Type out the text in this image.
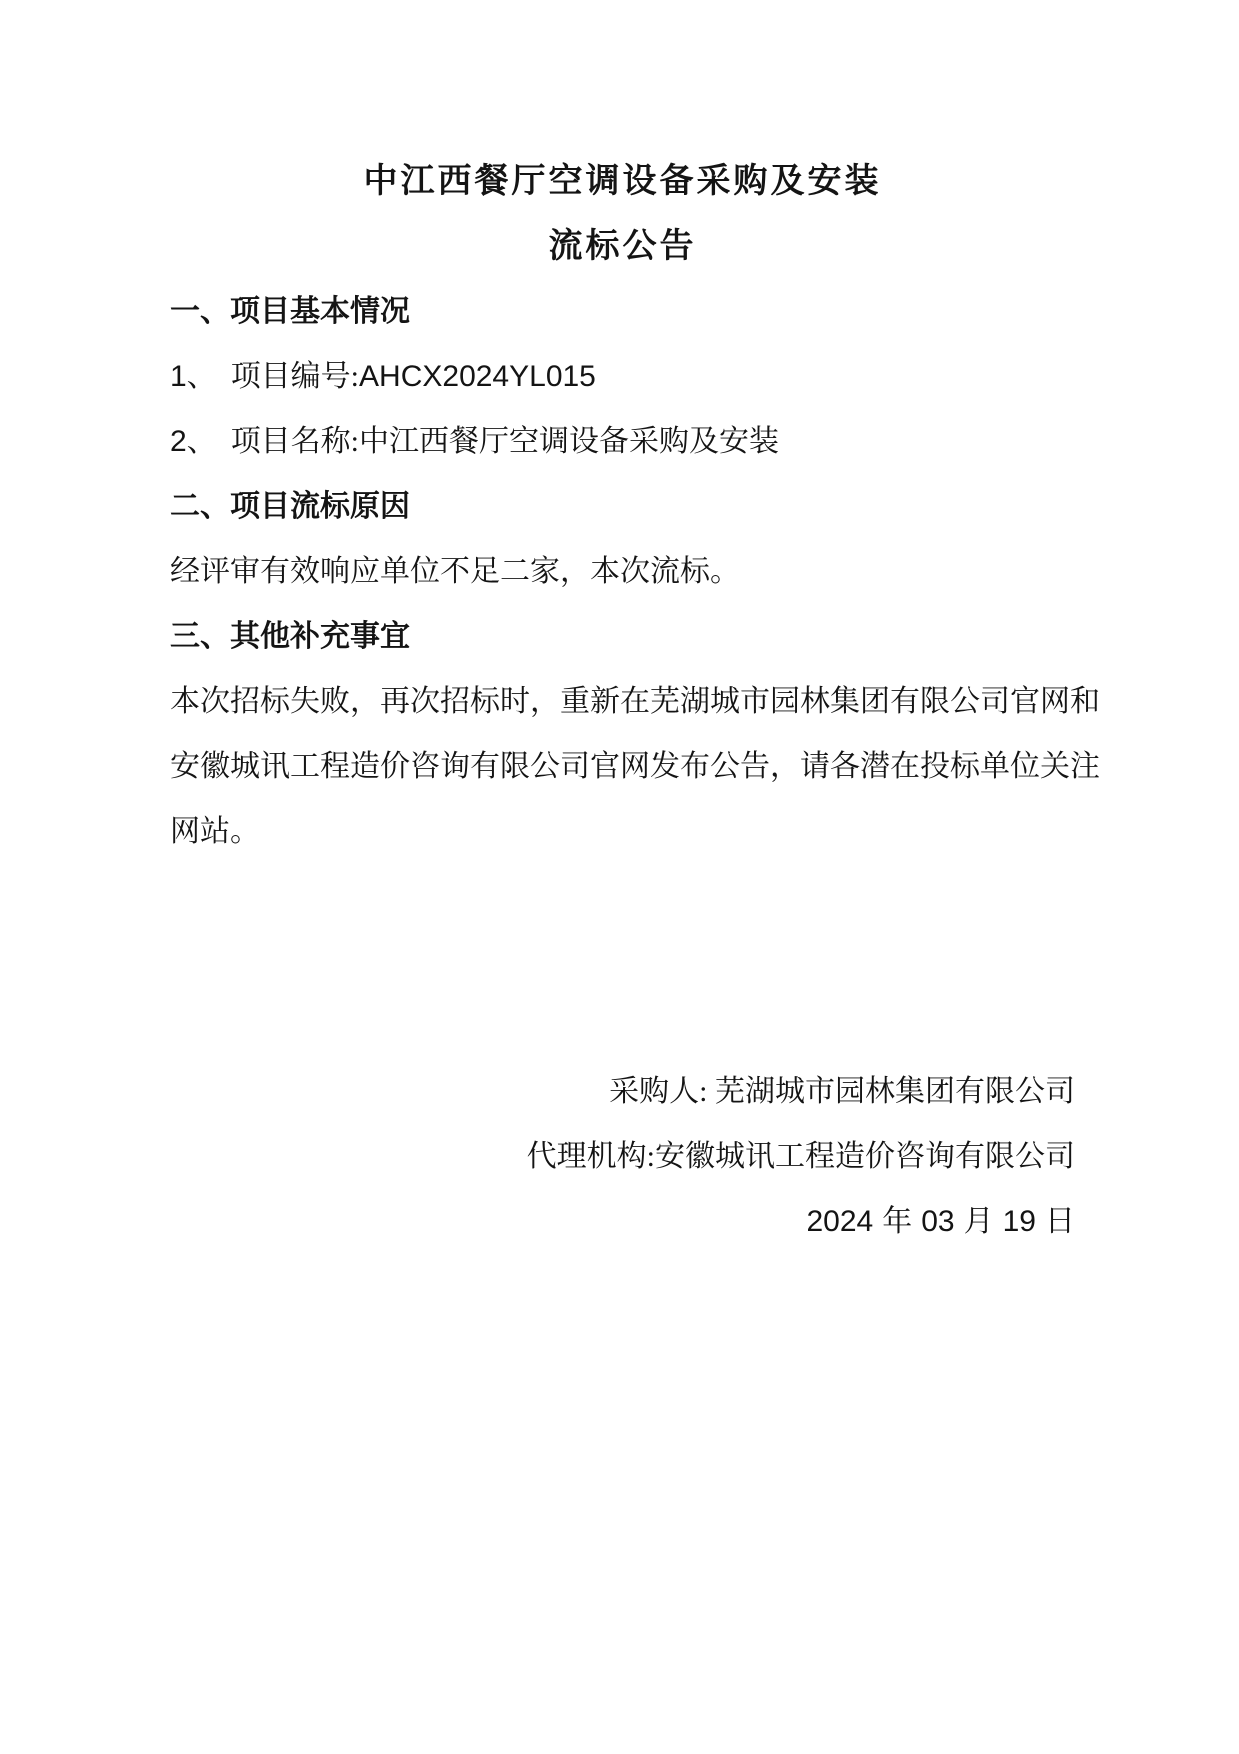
中江西餐厅空调设备采购及安装
流标公告
一、项目基本情况
1、 项目编号:AHCX2024YL015
2、 项目名称:中江西餐厅空调设备采购及安装
二、项目流标原因
经评审有效响应单位不足二家，本次流标。
三、其他补充事宜
本次招标失败，再次招标时，重新在芜湖城市园林集团有限公司官网和
安徽城讯工程造价咨询有限公司官网发布公告，请各潜在投标单位关注
网站。
采购人: 芜湖城市园林集团有限公司
代理机构:安徽城讯工程造价咨询有限公司
2024 年 03 月 19 日
